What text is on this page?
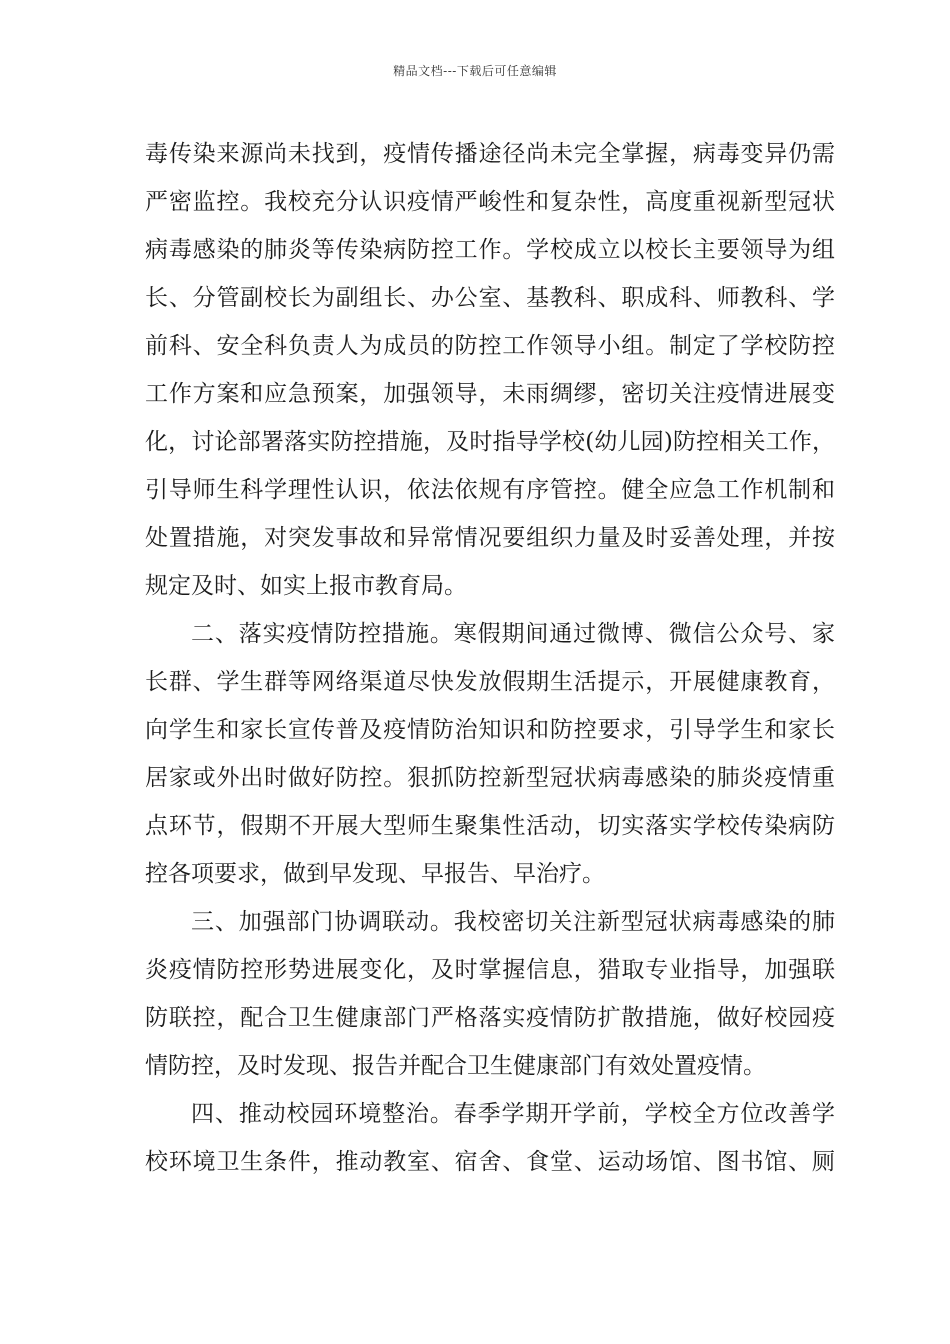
精品文档---下载后可任意编辑
毒传染来源尚未找到，疫情传播途径尚未完全掌握，病毒变异仍需
严密监控。我校充分认识疫情严峻性和复杂性，高度重视新型冠状
病毒感染的肺炎等传染病防控工作。学校成立以校长主要领导为组
长、分管副校长为副组长、办公室、基教科、职成科、师教科、学
前科、安全科负责人为成员的防控工作领导小组。制定了学校防控
工作方案和应急预案，加强领导，未雨绸缪，密切关注疫情进展变
化，讨论部署落实防控措施，及时指导学校(幼儿园)防控相关工作，
引导师生科学理性认识，依法依规有序管控。健全应急工作机制和
处置措施，对突发事故和异常情况要组织力量及时妥善处理，并按
规定及时、如实上报市教育局。
二、落实疫情防控措施。寒假期间通过微博、微信公众号、家
长群、学生群等网络渠道尽快发放假期生活提示，开展健康教育，
向学生和家长宣传普及疫情防治知识和防控要求，引导学生和家长
居家或外出时做好防控。狠抓防控新型冠状病毒感染的肺炎疫情重
点环节，假期不开展大型师生聚集性活动，切实落实学校传染病防
控各项要求，做到早发现、早报告、早治疗。
三、加强部门协调联动。我校密切关注新型冠状病毒感染的肺
炎疫情防控形势进展变化，及时掌握信息，猎取专业指导，加强联
防联控，配合卫生健康部门严格落实疫情防扩散措施，做好校园疫
情防控，及时发现、报告并配合卫生健康部门有效处置疫情。
四、推动校园环境整治。春季学期开学前，学校全方位改善学
校环境卫生条件，推动教室、宿舍、食堂、运动场馆、图书馆、厕
